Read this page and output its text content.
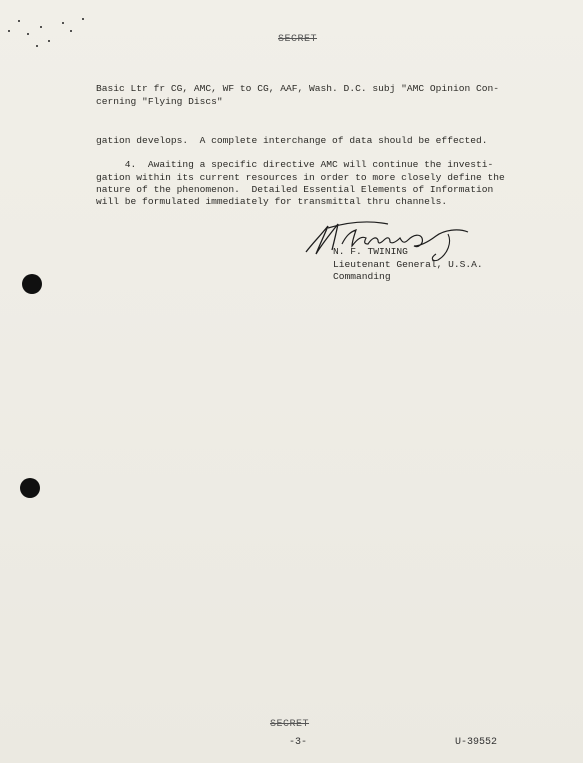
SECRET
Basic Ltr fr CG, AMC, WF to CG, AAF, Wash. D.C. subj "AMC Opinion Con-
cerning "Flying Discs"
gation develops.  A complete interchange of data should be effected.
4.  Awaiting a specific directive AMC will continue the investi-
gation within its current resources in order to more closely define the
nature of the phenomenon.  Detailed Essential Elements of Information
will be formulated immediately for transmittal thru channels.
N. F. TWINING
Lieutenant General, U.S.A.
Commanding
SECRET
-3-	U-39552
